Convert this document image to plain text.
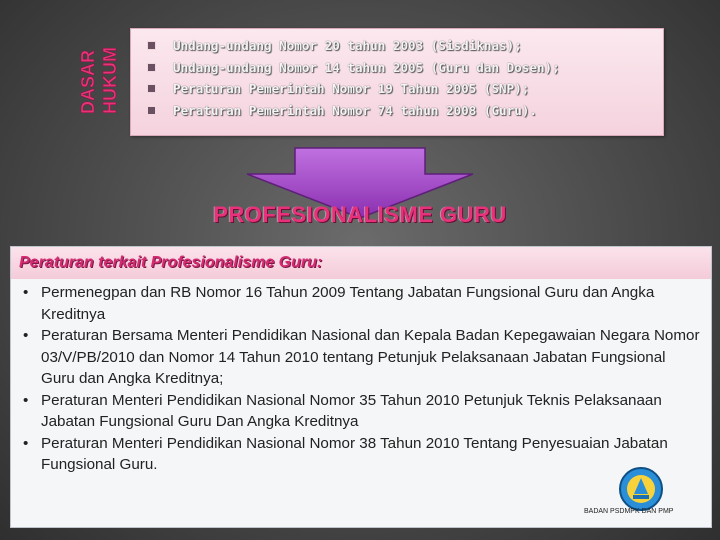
DASAR HUKUM
Undang-undang Nomor 20 tahun 2003 (Sisdiknas);
Undang-undang Nomor 14 tahun 2005 (Guru dan Dosen);
Peraturan Pemerintah Nomor 19 Tahun 2005 (SNP);
Peraturan Pemerintah Nomor 74 tahun 2008 (Guru).
PROFESIONALISME GURU
Peraturan terkait Profesionalisme Guru:
• Permenegpan dan RB Nomor 16 Tahun 2009 Tentang Jabatan Fungsional Guru dan Angka Kreditnya
• Peraturan Bersama Menteri Pendidikan Nasional dan Kepala Badan Kepegawaian Negara Nomor 03/V/PB/2010 dan Nomor 14 Tahun 2010 tentang Petunjuk Pelaksanaan Jabatan Fungsional Guru dan Angka Kreditnya;
• Peraturan Menteri Pendidikan Nasional Nomor 35 Tahun 2010 Petunjuk Teknis Pelaksanaan Jabatan Fungsional Guru Dan Angka Kreditnya
• Peraturan Menteri Pendidikan Nasional Nomor 38 Tahun 2010 Tentang Penyesuaian Jabatan Fungsional Guru.
BADAN PSDMPK DAN PMP
